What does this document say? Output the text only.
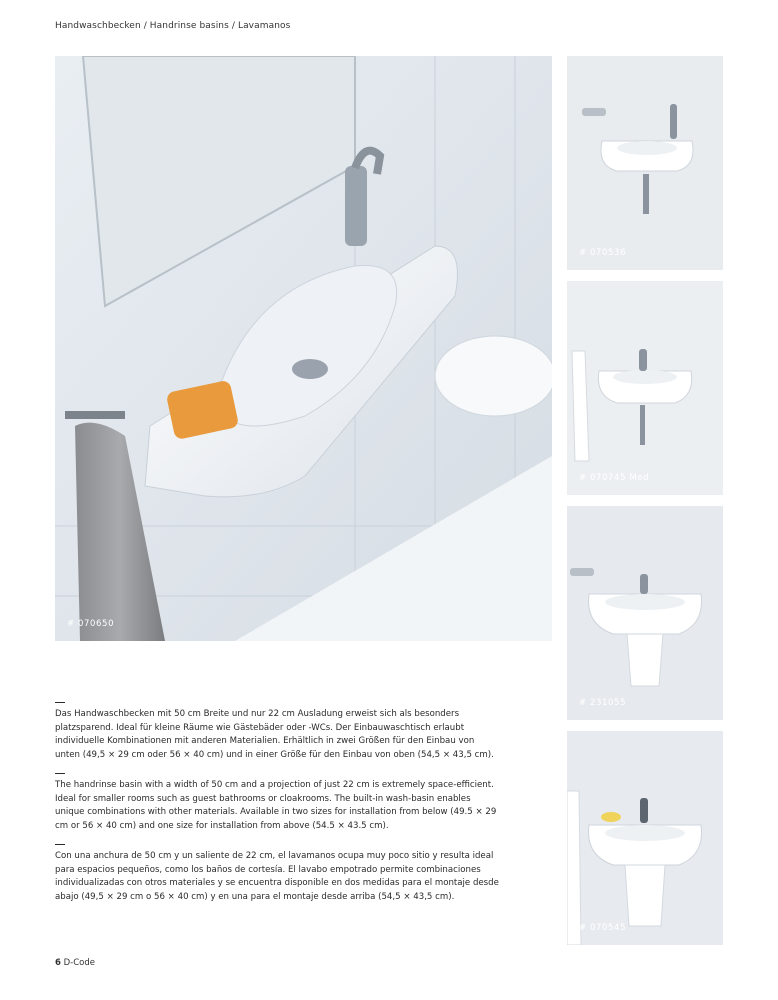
Handwaschbecken / Handrinse basins / Lavamanos
# 070650
# 070536
# 070745 Med
# 231055
# 070545

Das Handwaschbecken mit 50 cm Breite und nur 22 cm Ausladung erweist sich als besonders platzsparend. Ideal für kleine Räume wie Gästebäder oder -WCs. Der Einbauwaschtisch erlaubt individuelle Kombinationen mit anderen Materialien. Erhältlich in zwei Größen für den Einbau von unten (49,5 × 29 cm oder 56 × 40 cm) und in einer Größe für den Einbau von oben (54,5 × 43,5 cm).

The handrinse basin with a width of 50 cm and a projection of just 22 cm is extremely space-efficient. Ideal for smaller rooms such as guest bathrooms or cloakrooms. The built-in wash-basin enables unique combinations with other materials. Available in two sizes for installation from below (49.5 × 29 cm or 56 × 40 cm) and one size for installation from above (54.5 × 43.5 cm).

Con una anchura de 50 cm y un saliente de 22 cm, el lavamanos ocupa muy poco sitio y resulta ideal para espacios pequeños, como los baños de cortesía. El lavabo empotrado permite combinaciones individualizadas con otros materiales y se encuentra disponible en dos medidas para el montaje desde abajo (49,5 × 29 cm o 56 × 40 cm) y en una para el montaje desde arriba (54,5 × 43,5 cm).

6 D-Code
